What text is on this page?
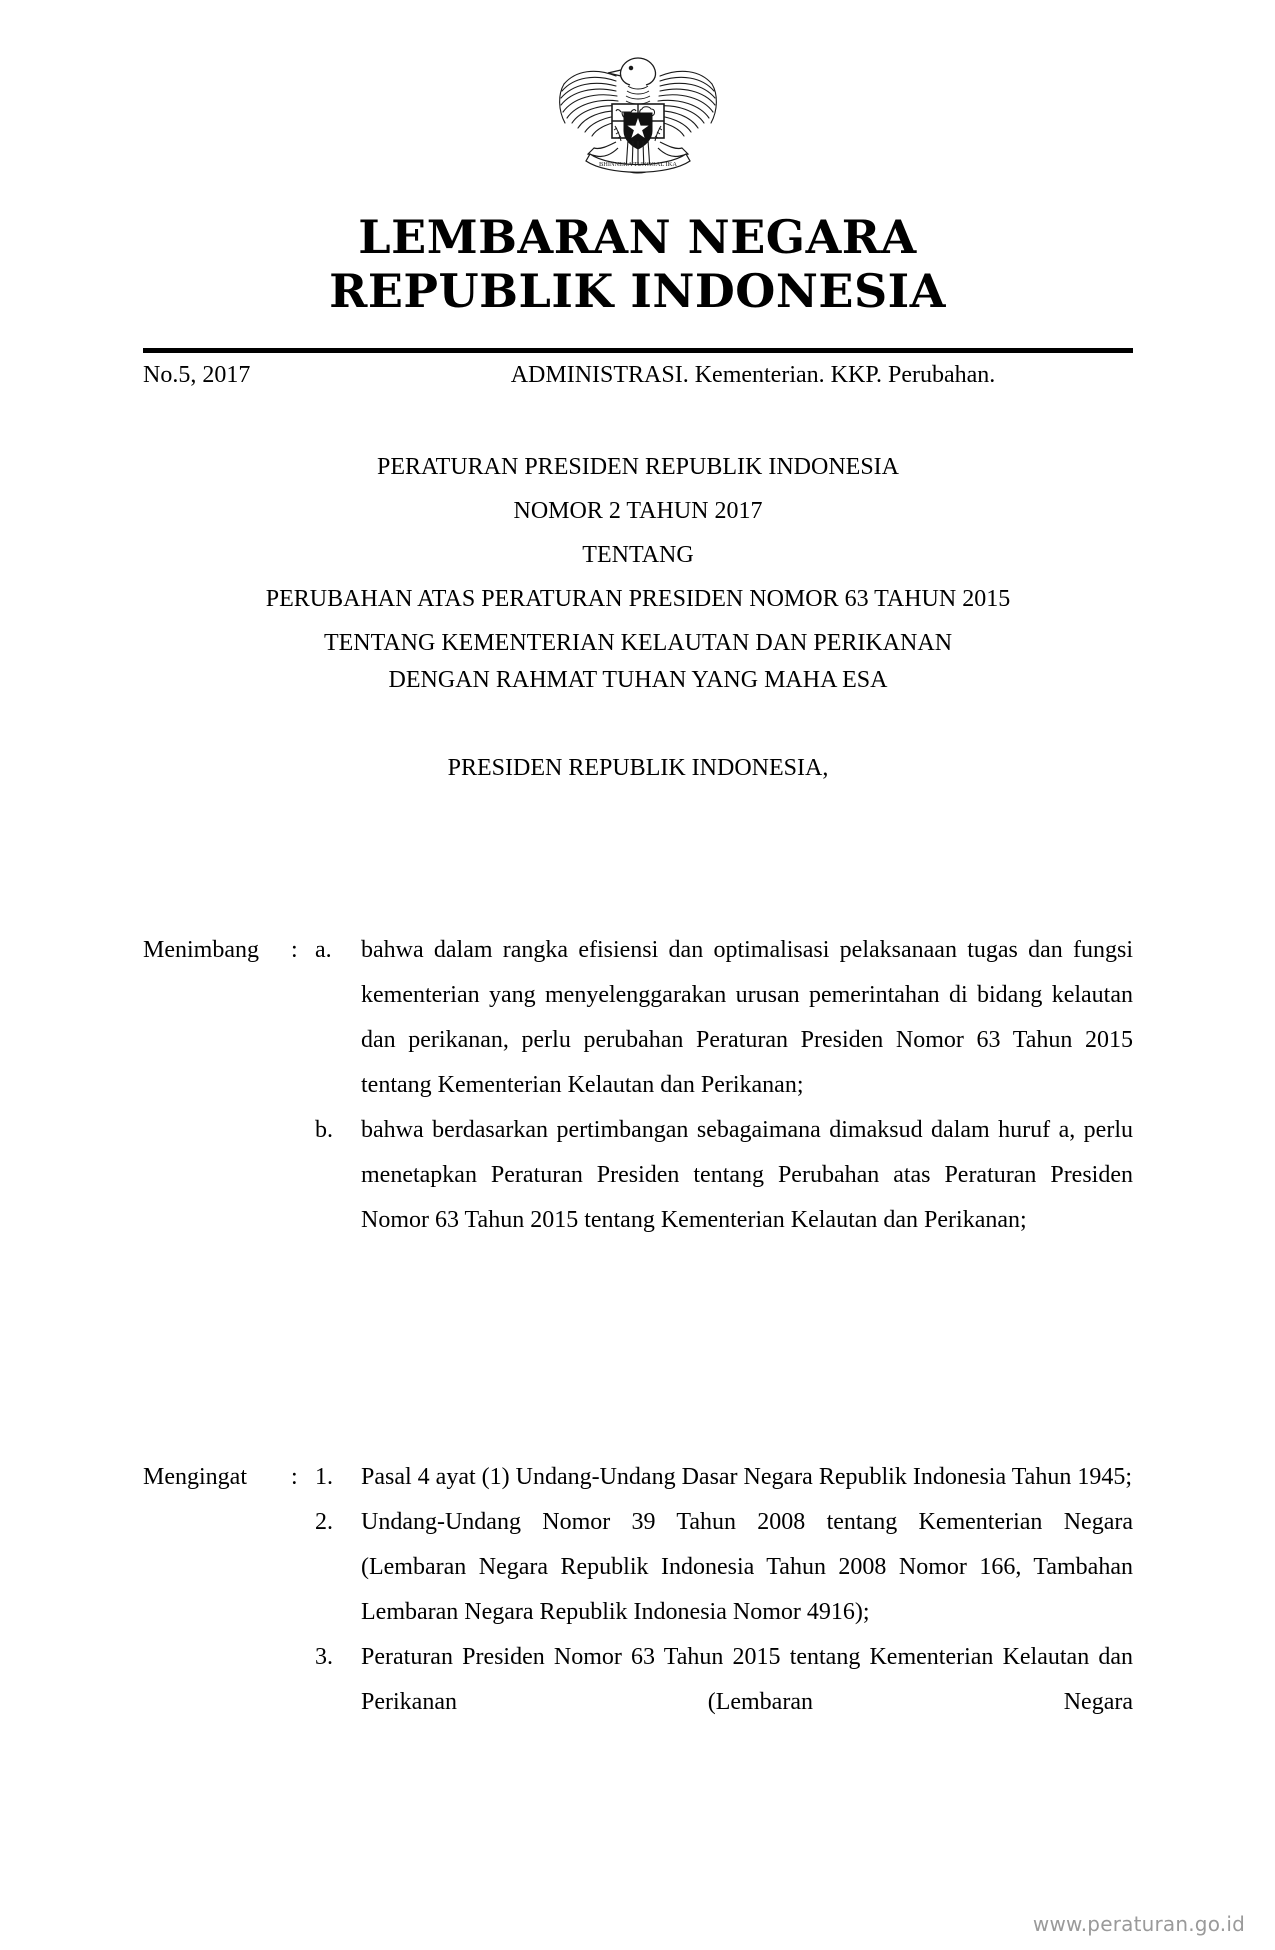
BHINNEKA TUNGGAL IKA
LEMBARAN NEGARA
REPUBLIK INDONESIA
No.5, 2017	ADMINISTRASI. Kementerian. KKP. Perubahan.
PERATURAN PRESIDEN REPUBLIK INDONESIA
NOMOR 2 TAHUN 2017
TENTANG
PERUBAHAN ATAS PERATURAN PRESIDEN NOMOR 63 TAHUN 2015
TENTANG KEMENTERIAN KELAUTAN DAN PERIKANAN
DENGAN RAHMAT TUHAN YANG MAHA ESA
PRESIDEN REPUBLIK INDONESIA,
Menimbang	: a.	bahwa dalam rangka efisiensi dan optimalisasi pelaksanaan tugas dan fungsi kementerian yang menyelenggarakan urusan pemerintahan di bidang kelautan dan perikanan, perlu perubahan Peraturan Presiden Nomor 63 Tahun 2015 tentang Kementerian Kelautan dan Perikanan;
b.	bahwa berdasarkan pertimbangan sebagaimana dimaksud dalam huruf a, perlu menetapkan Peraturan Presiden tentang Perubahan atas Peraturan Presiden Nomor 63 Tahun 2015 tentang Kementerian Kelautan dan Perikanan;
Mengingat	: 1.	Pasal 4 ayat (1) Undang-Undang Dasar Negara Republik Indonesia Tahun 1945;
2.	Undang-Undang Nomor 39 Tahun 2008 tentang Kementerian Negara (Lembaran Negara Republik Indonesia Tahun 2008 Nomor 166, Tambahan Lembaran Negara Republik Indonesia Nomor 4916);
3.	Peraturan Presiden Nomor 63 Tahun 2015 tentang Kementerian Kelautan dan Perikanan (Lembaran Negara
www.peraturan.go.id
